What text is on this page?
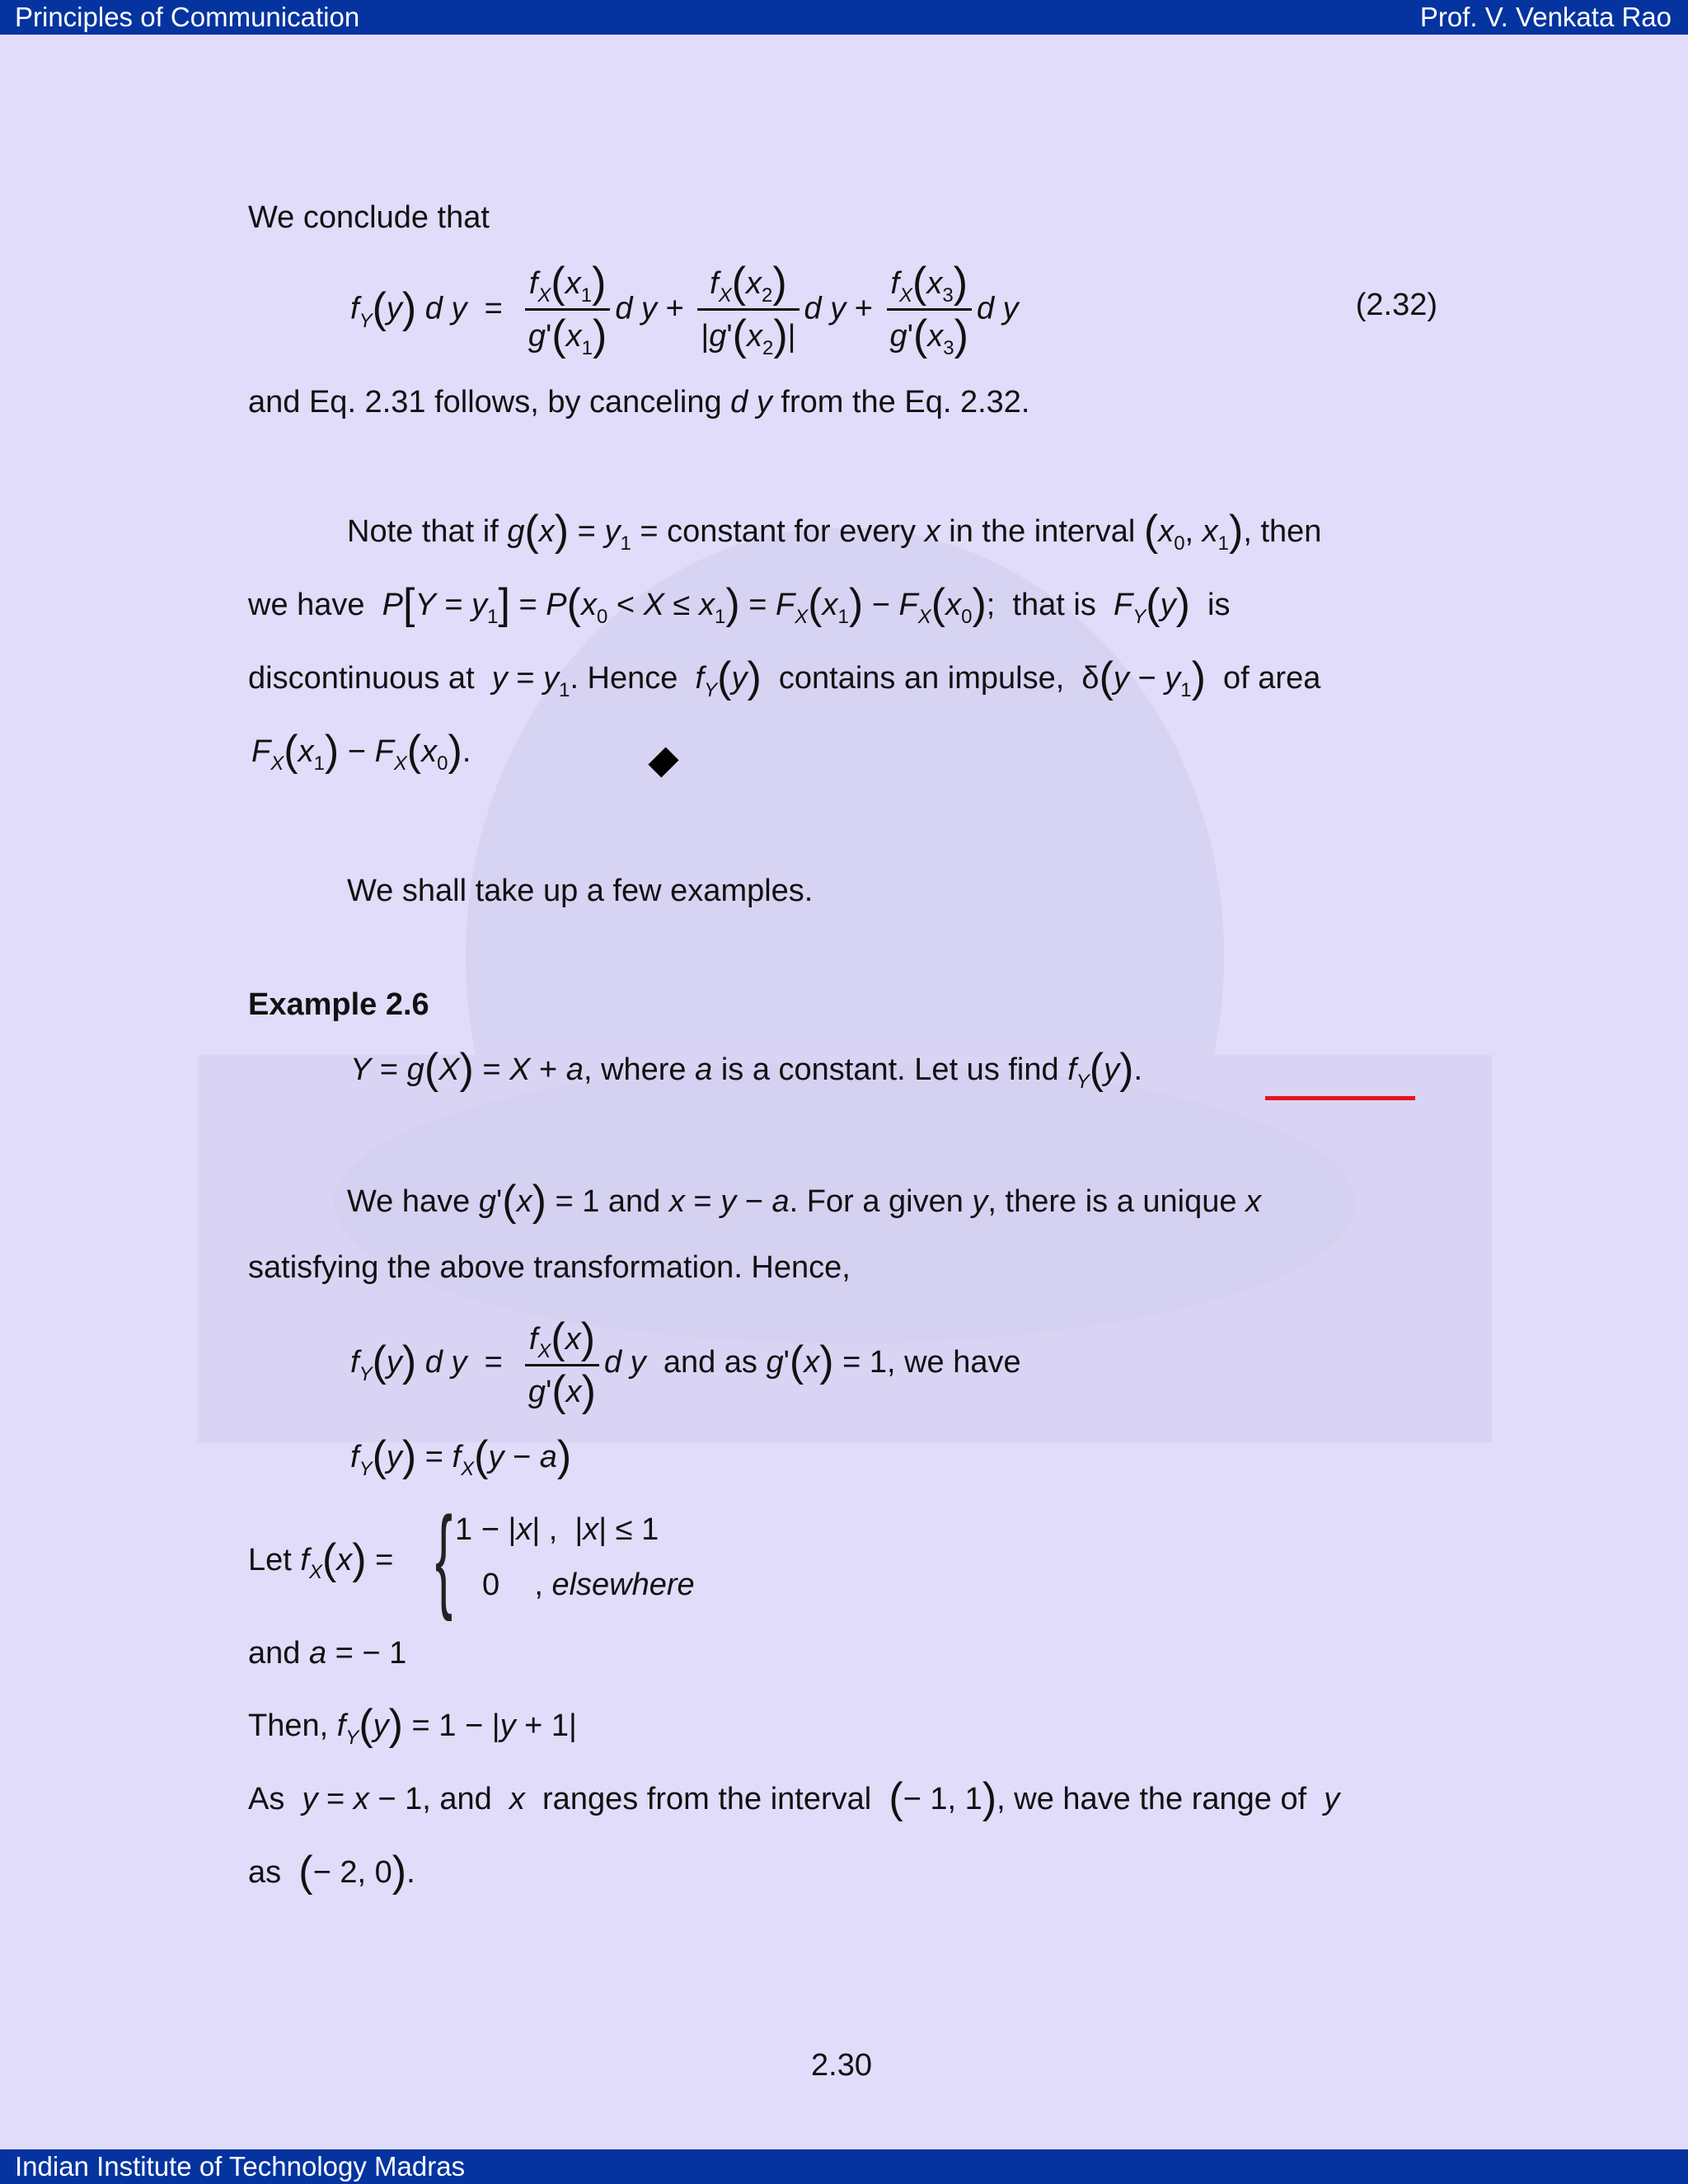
Principles of Communication	Prof. V. Venkata Rao
Indian Institute of Technology Madras
We conclude that
$f_Y(y)$ d $y = \frac{f_X(x_1)}{g'(x_1)}$ d $y + \frac{f_X(x_2)}{|g'(x_2)|}$ d $y + \frac{f_X(x_3)}{g'(x_3)}$ d y	(2.32)
and Eq. 2.31 follows, by canceling d y from the Eq. 2.32.
Note that if $g(x) = y_1$ = constant for every x in the interval ($x_0$, $x_1$), then
we have $P[Y = y_1] = P(x_0 < X \le x_1) = F_X(x_1) - F_X(x_0)$;  that is $F_Y(y)$ is
discontinuous at $y = y_1$. Hence $f_Y(y)$ contains an impulse,  $\delta(y - y_1)$ of area
$F_X(x_1) - F_X(x_0)$.
We shall take up a few examples.
Example 2.6
Y = g(X) = X + a, where a is a constant. Let us find $f_Y(y)$.
We have g'(x) = 1 and x = y − a. For a given y, there is a unique x
satisfying the above transformation. Hence,
$f_Y(y)$ d $y = \frac{f_X(x)}{g'(x)}$ d y and as g'(x) = 1, we have
$f_Y(y) = f_X(y - a)$
Let $f_X(x)$ = { 1 − |x| ,  |x| ≤ 1
0    , elsewhere
and a = − 1
Then, $f_Y(y) = 1 - |y + 1|$
As y = x − 1, and x ranges from the interval (− 1, 1), we have the range of y
as (− 2, 0).
2.30
